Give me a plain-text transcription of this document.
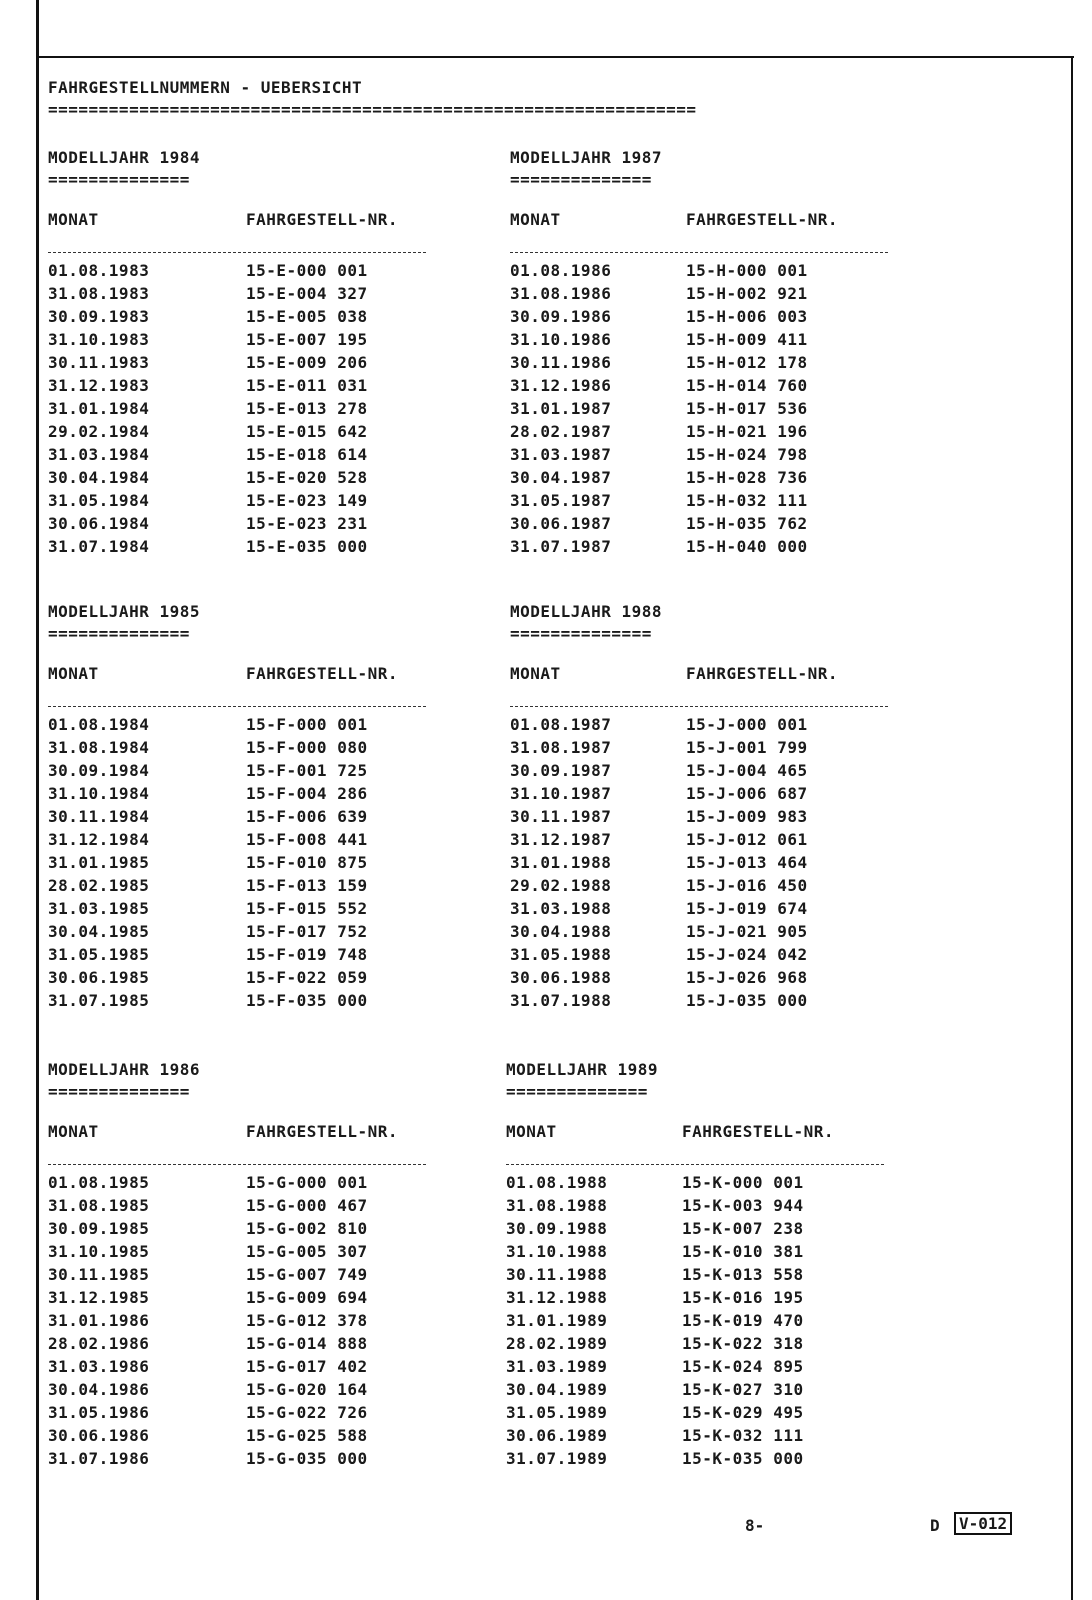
FAHRGESTELLNUMMERN - UEBERSICHT
================================================================
MODELLJAHR 1984
==============
MONAT	FAHRGESTELL-NR.
01.08.1983	15-E-000 001
31.08.1983	15-E-004 327
30.09.1983	15-E-005 038
31.10.1983	15-E-007 195
30.11.1983	15-E-009 206
31.12.1983	15-E-011 031
31.01.1984	15-E-013 278
29.02.1984	15-E-015 642
31.03.1984	15-E-018 614
30.04.1984	15-E-020 528
31.05.1984	15-E-023 149
30.06.1984	15-E-023 231
31.07.1984	15-E-035 000
MODELLJAHR 1987
==============
MONAT	FAHRGESTELL-NR.
01.08.1986	15-H-000 001
31.08.1986	15-H-002 921
30.09.1986	15-H-006 003
31.10.1986	15-H-009 411
30.11.1986	15-H-012 178
31.12.1986	15-H-014 760
31.01.1987	15-H-017 536
28.02.1987	15-H-021 196
31.03.1987	15-H-024 798
30.04.1987	15-H-028 736
31.05.1987	15-H-032 111
30.06.1987	15-H-035 762
31.07.1987	15-H-040 000
MODELLJAHR 1985
==============
MONAT	FAHRGESTELL-NR.
01.08.1984	15-F-000 001
31.08.1984	15-F-000 080
30.09.1984	15-F-001 725
31.10.1984	15-F-004 286
30.11.1984	15-F-006 639
31.12.1984	15-F-008 441
31.01.1985	15-F-010 875
28.02.1985	15-F-013 159
31.03.1985	15-F-015 552
30.04.1985	15-F-017 752
31.05.1985	15-F-019 748
30.06.1985	15-F-022 059
31.07.1985	15-F-035 000
MODELLJAHR 1988
==============
MONAT	FAHRGESTELL-NR.
01.08.1987	15-J-000 001
31.08.1987	15-J-001 799
30.09.1987	15-J-004 465
31.10.1987	15-J-006 687
30.11.1987	15-J-009 983
31.12.1987	15-J-012 061
31.01.1988	15-J-013 464
29.02.1988	15-J-016 450
31.03.1988	15-J-019 674
30.04.1988	15-J-021 905
31.05.1988	15-J-024 042
30.06.1988	15-J-026 968
31.07.1988	15-J-035 000
MODELLJAHR 1986
==============
MONAT	FAHRGESTELL-NR.
01.08.1985	15-G-000 001
31.08.1985	15-G-000 467
30.09.1985	15-G-002 810
31.10.1985	15-G-005 307
30.11.1985	15-G-007 749
31.12.1985	15-G-009 694
31.01.1986	15-G-012 378
28.02.1986	15-G-014 888
31.03.1986	15-G-017 402
30.04.1986	15-G-020 164
31.05.1986	15-G-022 726
30.06.1986	15-G-025 588
31.07.1986	15-G-035 000
MODELLJAHR 1989
==============
MONAT	FAHRGESTELL-NR.
01.08.1988	15-K-000 001
31.08.1988	15-K-003 944
30.09.1988	15-K-007 238
31.10.1988	15-K-010 381
30.11.1988	15-K-013 558
31.12.1988	15-K-016 195
31.01.1989	15-K-019 470
28.02.1989	15-K-022 318
31.03.1989	15-K-024 895
30.04.1989	15-K-027 310
31.05.1989	15-K-029 495
30.06.1989	15-K-032 111
31.07.1989	15-K-035 000
8-	D	V-012
